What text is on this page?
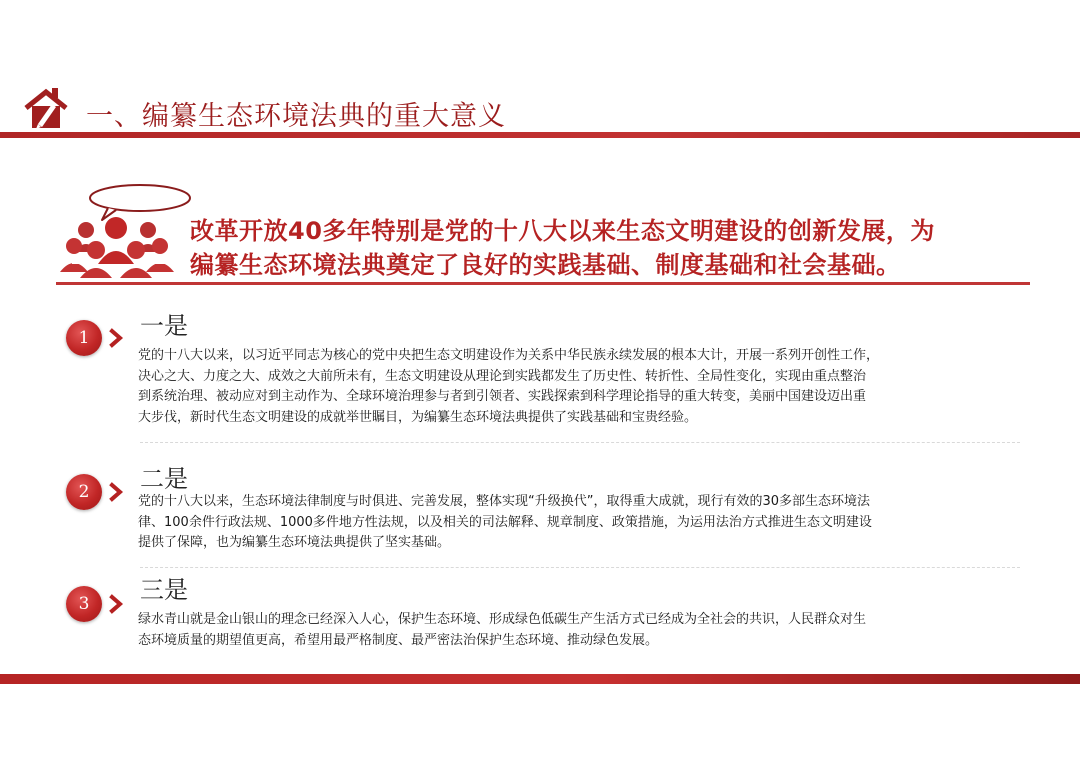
一、编纂生态环境法典的重大意义
改革开放40多年特别是党的十八大以来生态文明建设的创新发展，为
编纂生态环境法典奠定了良好的实践基础、制度基础和社会基础。
1	一是
党的十八大以来，以习近平同志为核心的党中央把生态文明建设作为关系中华民族永续发展的根本大计，开展一系列开创性工作，
决心之大、力度之大、成效之大前所未有，生态文明建设从理论到实践都发生了历史性、转折性、全局性变化，实现由重点整治
到系统治理、被动应对到主动作为、全球环境治理参与者到引领者、实践探索到科学理论指导的重大转变，美丽中国建设迈出重
大步伐，新时代生态文明建设的成就举世瞩目，为编纂生态环境法典提供了实践基础和宝贵经验。
2	二是
党的十八大以来，生态环境法律制度与时俱进、完善发展，整体实现“升级换代”，取得重大成就，现行有效的30多部生态环境法
律、100余件行政法规、1000多件地方性法规，以及相关的司法解释、规章制度、政策措施，为运用法治方式推进生态文明建设
提供了保障，也为编纂生态环境法典提供了坚实基础。
3	三是
绿水青山就是金山银山的理念已经深入人心，保护生态环境、形成绿色低碳生产生活方式已经成为全社会的共识，人民群众对生
态环境质量的期望值更高，希望用最严格制度、最严密法治保护生态环境、推动绿色发展。
